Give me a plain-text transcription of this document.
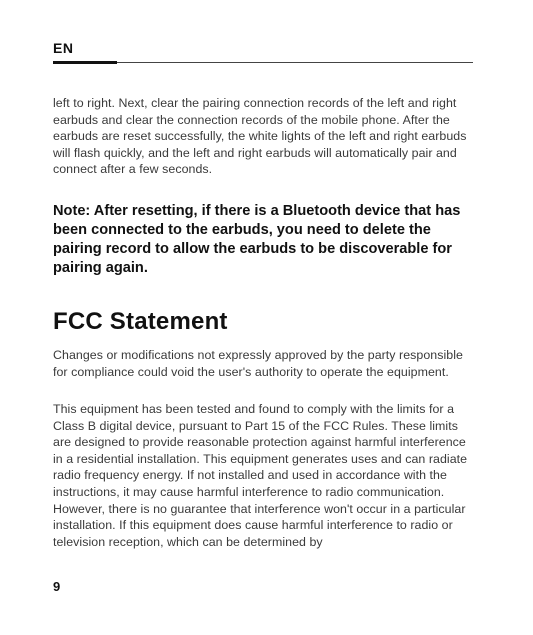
EN

left to right. Next, clear the pairing connection records of the left and right earbuds and clear the connection records of the mobile phone. After the earbuds are reset successfully, the white lights of the left and right earbuds will flash quickly, and the left and right earbuds will automatically pair and connect after a few seconds.

Note: After resetting, if there is a Bluetooth device that has been connected to the earbuds, you need to delete the pairing record to allow the earbuds to be discoverable for pairing again.

FCC Statement

Changes or modifications not expressly approved by the party responsible for compliance could void the user's authority to operate the equipment.

This equipment has been tested and found to comply with the limits for a Class B digital device, pursuant to Part 15 of the FCC Rules. These limits are designed to provide reasonable protection against harmful interference in a residential installation. This equipment generates uses and can radiate radio frequency energy. If not installed and used in accordance with the instructions, it may cause harmful interference to radio communication. However, there is no guarantee that interference won't occur in a particular installation. If this equipment does cause harmful interference to radio or television reception, which can be determined by

9
